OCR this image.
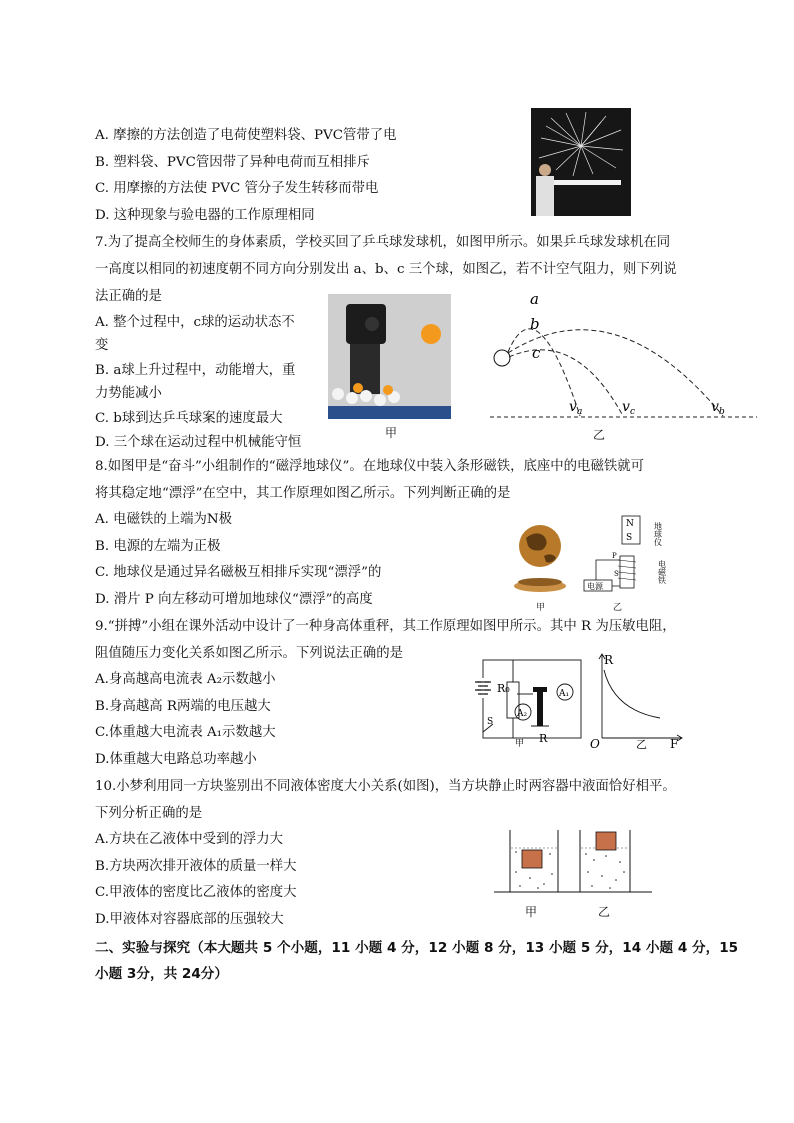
A. 摩擦的方法创造了电荷使塑料袋、PVC管带了电
B. 塑料袋、PVC管因带了异种电荷而互相排斥
C. 用摩擦的方法使 PVC 管分子发生转移而带电
D. 这种现象与验电器的工作原理相同
7.为了提高全校师生的身体素质，学校买回了乒乓球发球机，如图甲所示。如果乒乓球发球机在同
一高度以相同的初速度朝不同方向分别发出 a、b、c 三个球，如图乙，若不计空气阻力，则下列说
法正确的是
A. 整个过程中，c球的运动状态不
变
B. a球上升过程中，动能增大，重
力势能减小
C. b球到达乒乓球案的速度最大
D. 三个球在运动过程中机械能守恒
甲
a
b
c
v a	v c	v b
乙
8.如图甲是“奋斗”小组制作的“磁浮地球仪”。在地球仪中装入条形磁铁，底座中的电磁铁就可
将其稳定地“漂浮”在空中，其工作原理如图乙所示。下列判断正确的是
A. 电磁铁的上端为N极
B. 电源的左端为正极
C. 地球仪是通过异名磁极互相排斥实现“漂浮”的
D. 滑片 P 向左移动可增加地球仪“漂浮”的高度
甲
N
S
电源
P
S
地球仪
电磁铁
乙
9.“拼搏”小组在课外活动中设计了一种身高体重秤，其工作原理如图甲所示。其中 R 为压敏电阻，
阻值随压力变化关系如图乙所示。下列说法正确的是
A.身高越高电流表 A₂示数越小
B.身高越高 R两端的电压越大
C.体重越大电流表 A₁示数越大
D.体重越大电路总功率越小
R₀	A₁
A₂
S
R
甲
R
O	F
乙
10.小梦利用同一方块鉴别出不同液体密度大小关系(如图)，当方块静止时两容器中液面恰好相平。
下列分析正确的是
A.方块在乙液体中受到的浮力大
B.方块两次排开液体的质量一样大
C.甲液体的密度比乙液体的密度大
D.甲液体对容器底部的压强较大	甲	乙
二、实验与探究（本大题共 5 个小题，11 小题 4 分，12 小题 8 分，13 小题 5 分，14 小题 4 分，15
小题 3分，共 24分）
